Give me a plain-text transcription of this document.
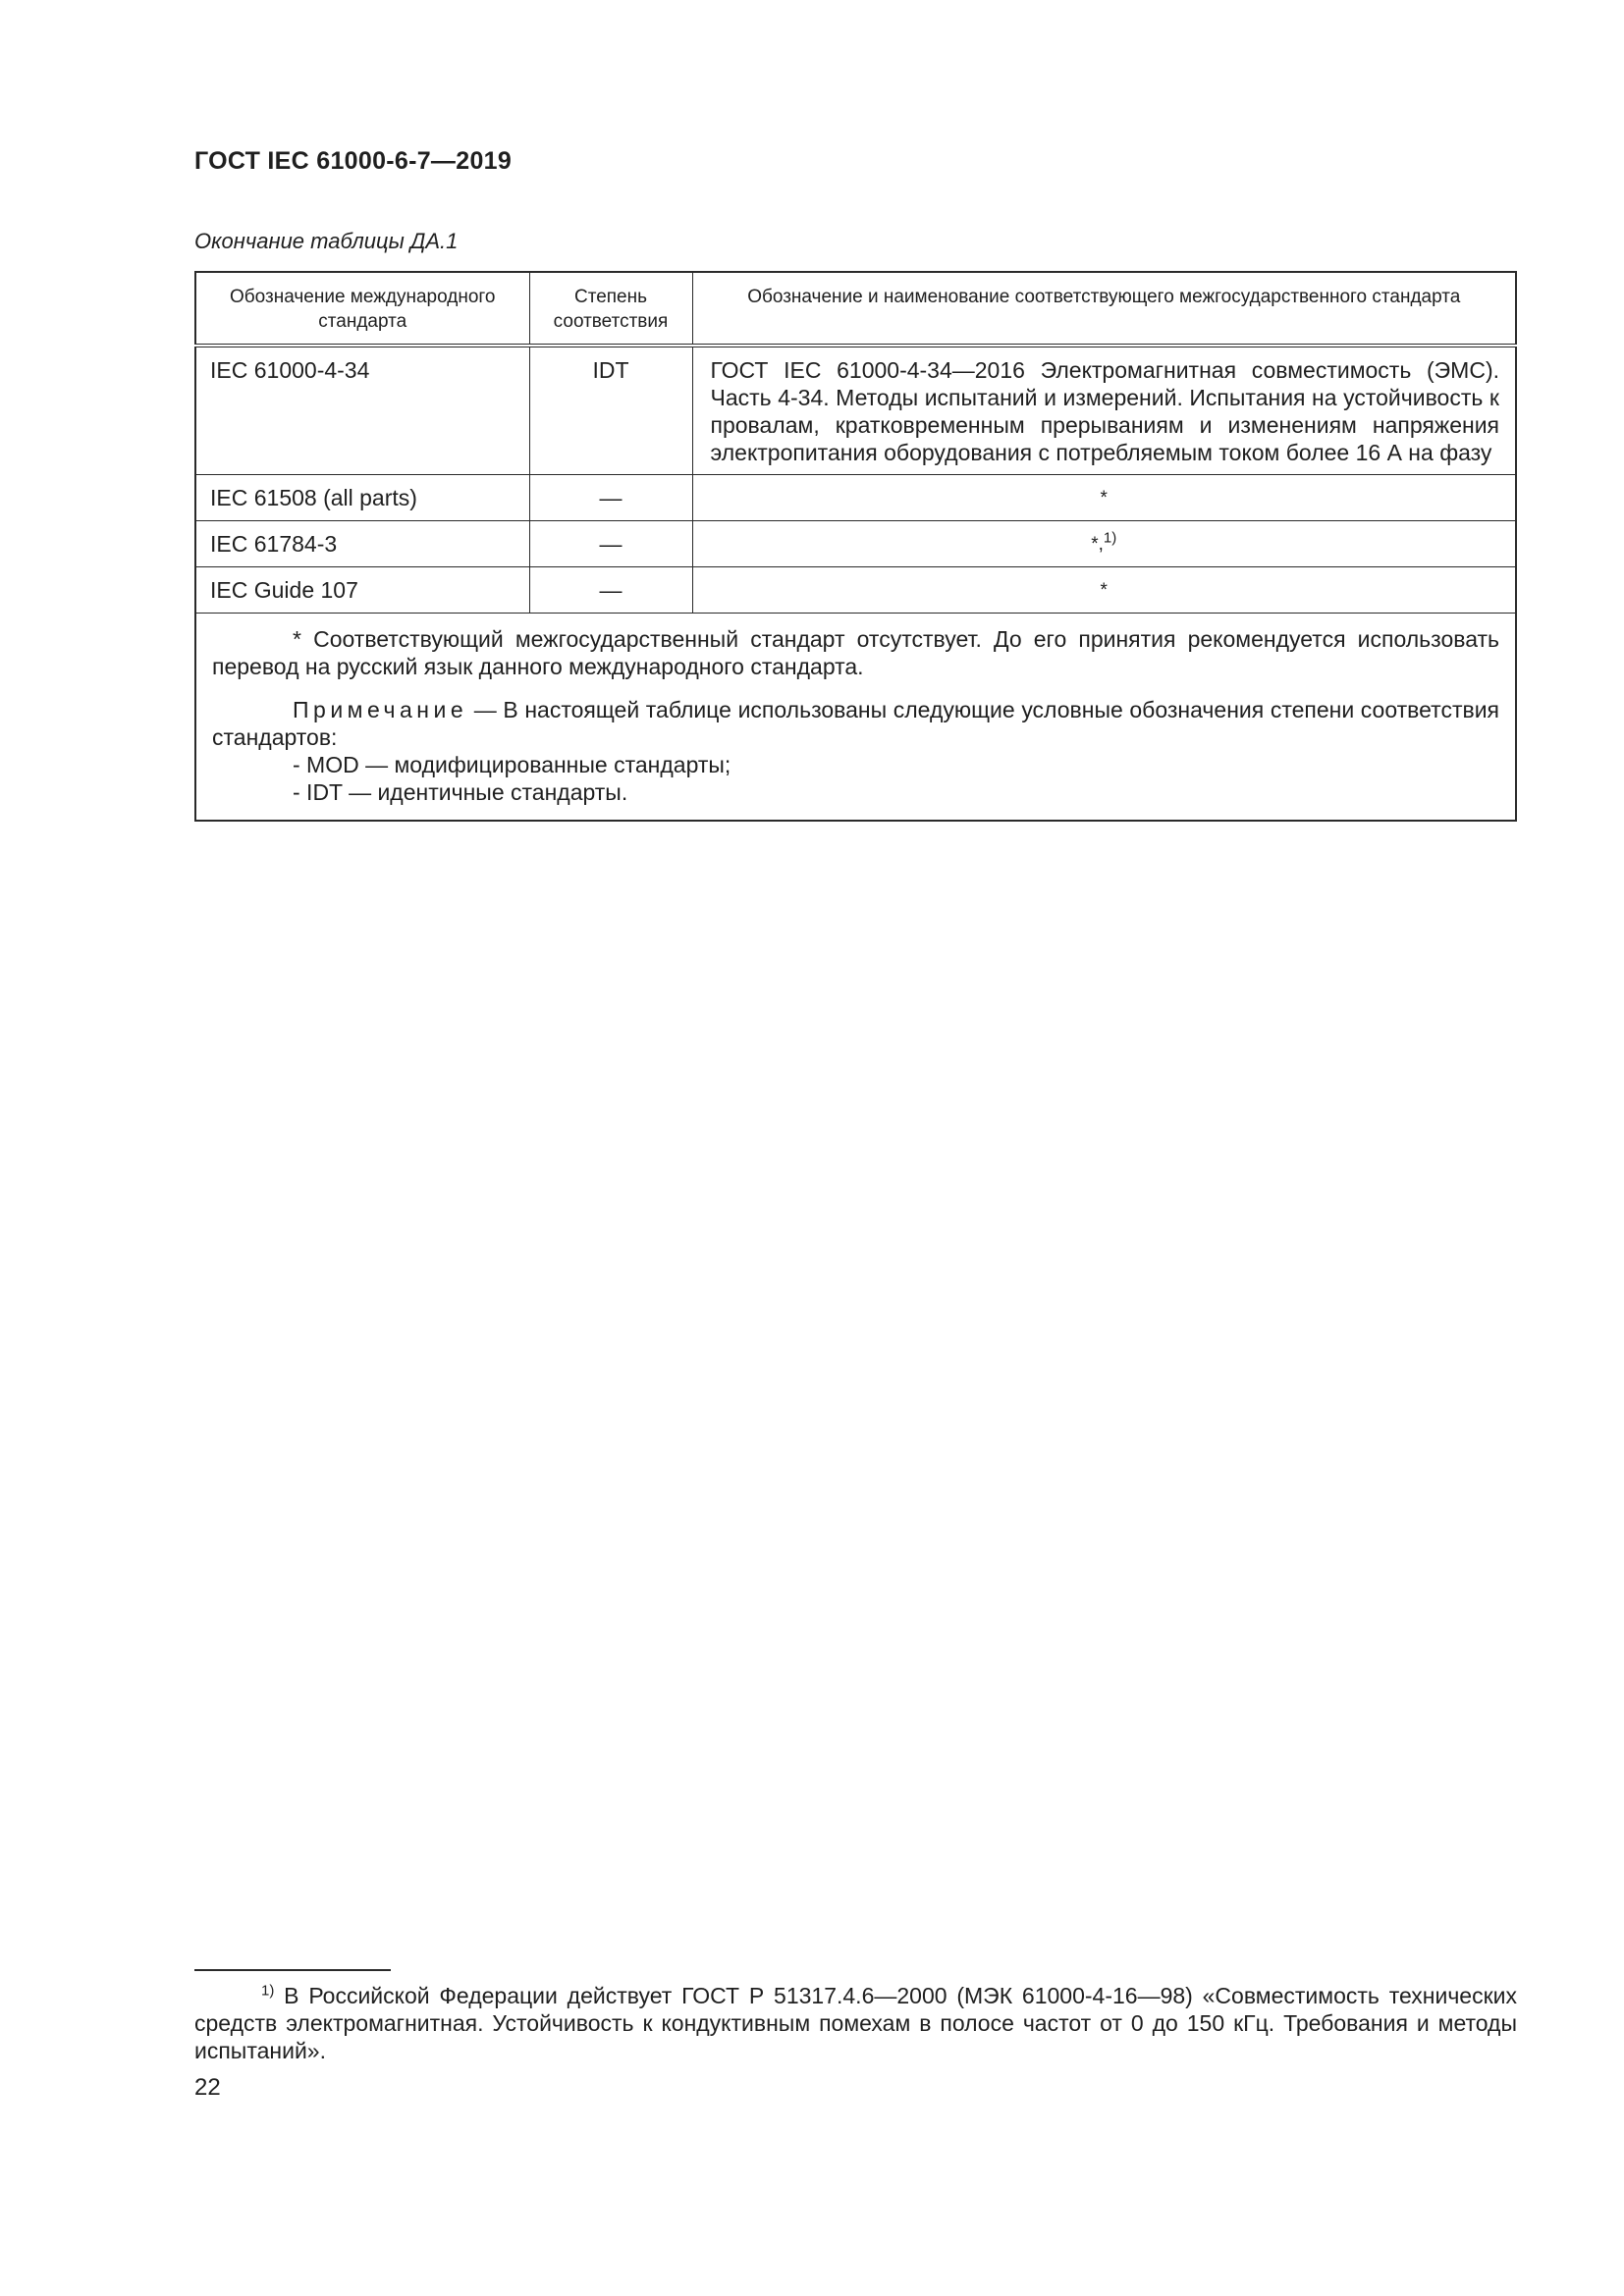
ГОСТ IEC 61000-6-7—2019
Окончание таблицы ДА.1
Обозначение международного стандарта	Степень соответствия	Обозначение и наименование соответствующего межгосударственного стандарта
IEC 61000-4-34	IDT	ГОСТ IEC 61000-4-34—2016 Электромагнитная совместимость (ЭМС). Часть 4-34. Методы испытаний и измерений. Испытания на устойчивость к провалам, кратковременным прерываниям и изменениям напряжения электропитания оборудования с потребляемым током более 16 А на фазу
IEC 61508 (all parts)	—	*
IEC 61784-3	—	*,$^{1)}$
IEC Guide 107	—	*

* Соответствующий межгосударственный стандарт отсутствует. До его принятия рекомендуется использовать перевод на русский язык данного международного стандарта.

Примечание — В настоящей таблице использованы следующие условные обозначения степени соответствия стандартов:

- MOD — модифицированные стандарты;

- IDT — идентичные стандарты.		

$^{1)}$ В Российской Федерации действует ГОСТ Р 51317.4.6—2000 (МЭК 61000-4-16—98) «Совместимость технических средств электромагнитная. Устойчивость к кондуктивным помехам в полосе частот от 0 до 150 кГц. Требования и методы испытаний».

22
